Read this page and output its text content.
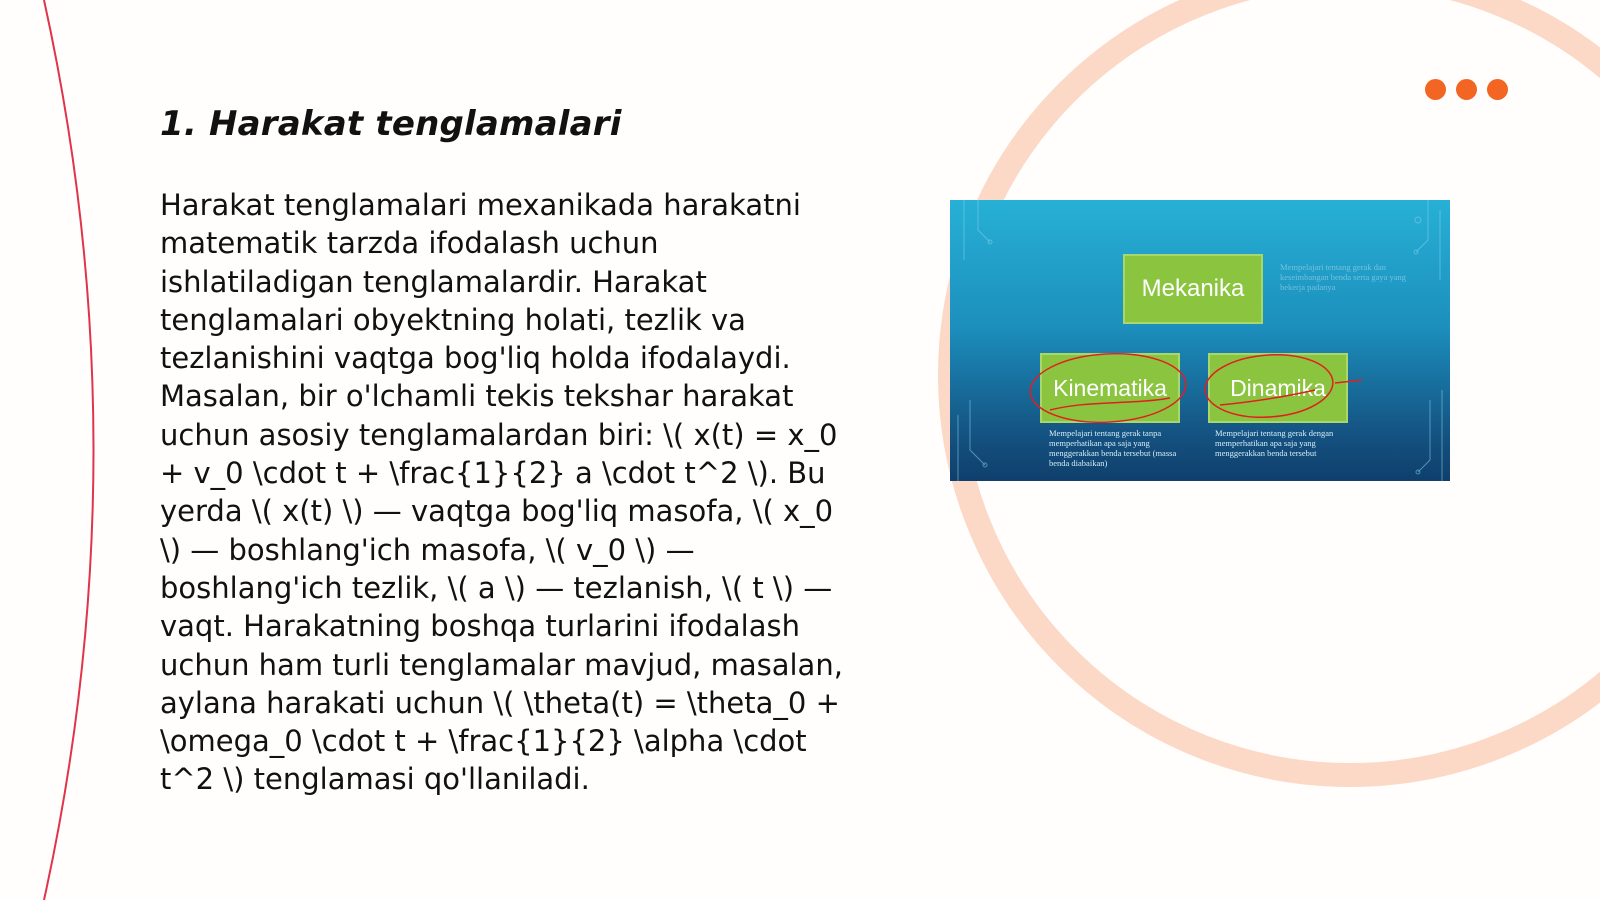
1. Harakat tenglamalari

Harakat tenglamalari mexanikada harakatni matematik tarzda ifodalash uchun ishlatiladigan tenglamalardir. Harakat tenglamalari obyektning holati, tezlik va tezlanishini vaqtga bog'liq holda ifodalaydi. Masalan, bir o'lchamli tekis tekshar harakat uchun asosiy tenglamalardan biri: \( x(t) = x_0 + v_0 \cdot t + \frac{1}{2} a \cdot t^2 \). Bu yerda \( x(t) \) — vaqtga bog'liq masofa, \( x_0 \) — boshlang'ich masofa, \( v_0 \) — boshlang'ich tezlik, \( a \) — tezlanish, \( t \) — vaqt. Harakatning boshqa turlarini ifodalash uchun ham turli tenglamalar mavjud, masalan, aylana harakati uchun \( \theta(t) = \theta_0 + \omega_0 \cdot t + \frac{1}{2} \alpha \cdot t^2 \) tenglamasi qo'llaniladi.

Mekanika

Mempelajari tentang gerak dan keseimbangan benda serta gaya yang bekerja padanya

Kinematika

Mempelajari tentang gerak tanpa memperhatikan apa saja yang menggerakkan benda tersebut (massa benda diabaikan)

Dinamika

Mempelajari tentang gerak dengan memperhatikan apa saja yang menggerakkan benda tersebut
